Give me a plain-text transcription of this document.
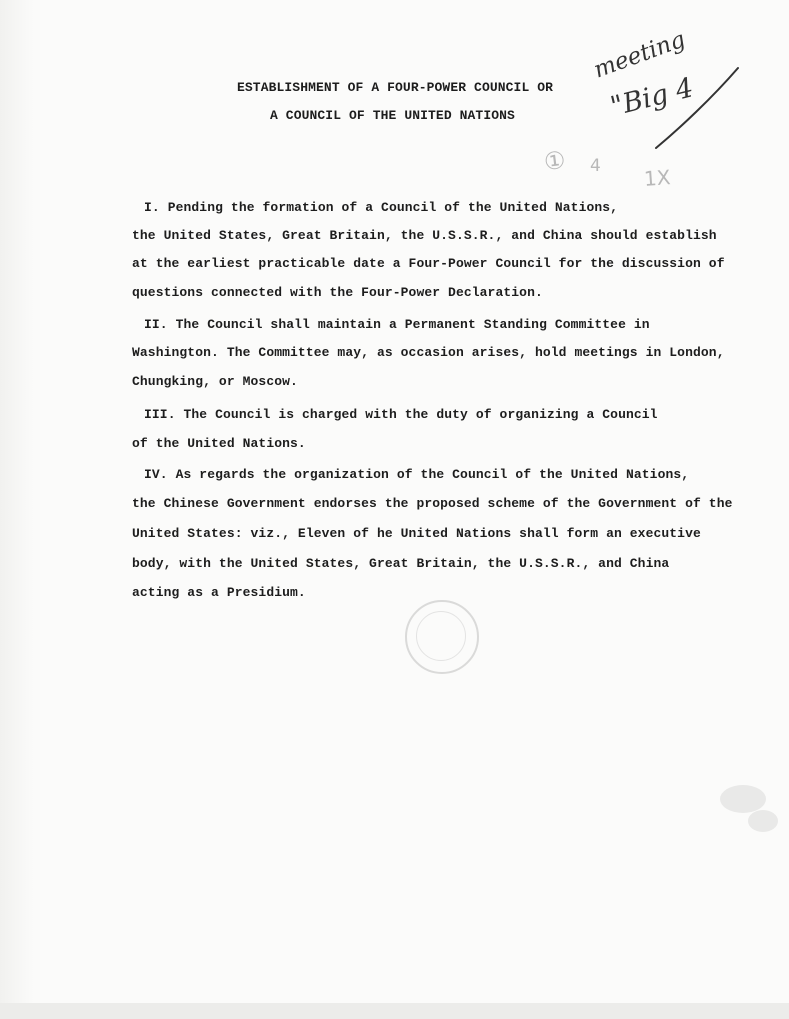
ESTABLISHMENT OF A FOUR-POWER COUNCIL OR
A COUNCIL OF THE UNITED NATIONS
meeting
"Big 4
① 4 1X
I. Pending the formation of a Council of the United Nations,
the United States, Great Britain, the U.S.S.R., and China should establish
at the earliest practicable date a Four-Power Council for the discussion of
questions connected with the Four-Power Declaration.
II. The Council shall maintain a Permanent Standing Committee in
Washington. The Committee may, as occasion arises, hold meetings in London,
Chungking, or Moscow.
III. The Council is charged with the duty of organizing a Council
of the United Nations.
IV. As regards the organization of the Council of the United Nations,
the Chinese Government endorses the proposed scheme of the Government of the
United States: viz., Eleven of he United Nations shall form an executive
body, with the United States, Great Britain, the U.S.S.R., and China
acting as a Presidium.
